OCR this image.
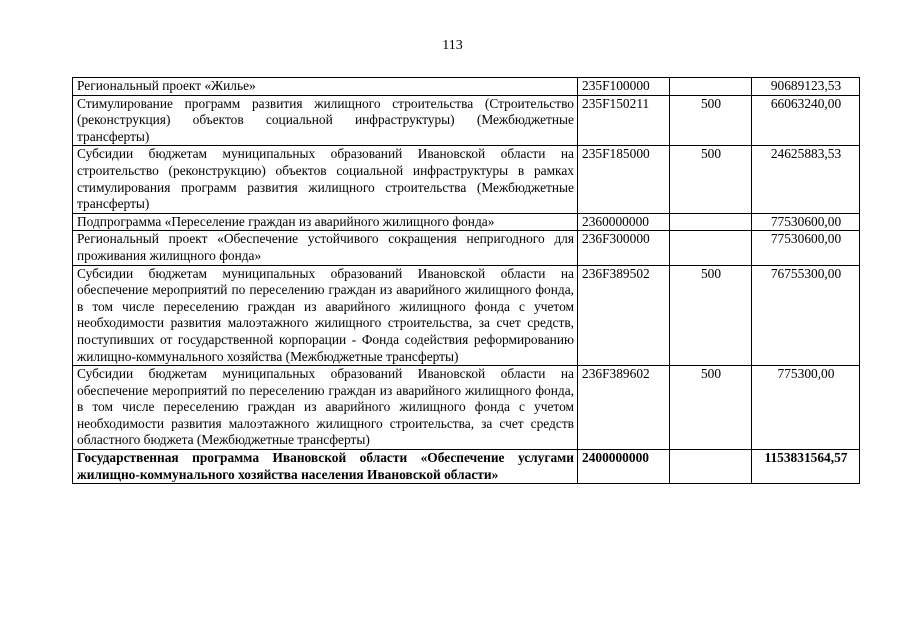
113
Региональный проект «Жилье»	235F100000		90689123,53
Стимулирование программ развития жилищного строительства (Строительство (реконструкция) объектов социальной инфраструктуры) (Межбюджетные трансферты)	235F150211	500	66063240,00
Субсидии бюджетам муниципальных образований Ивановской области на строительство (реконструкцию) объектов социальной инфраструктуры в рамках стимулирования программ развития жилищного строительства (Межбюджетные трансферты)	235F185000	500	24625883,53
Подпрограмма «Переселение граждан из аварийного жилищного фонда»	2360000000		77530600,00
Региональный проект «Обеспечение устойчивого сокращения непригодного для проживания жилищного фонда»	236F300000		77530600,00
Субсидии бюджетам муниципальных образований Ивановской области на обеспечение мероприятий по переселению граждан из аварийного жилищного фонда, в том числе переселению граждан из аварийного жилищного фонда с учетом необходимости развития малоэтажного жилищного строительства, за счет средств, поступивших от государственной корпорации - Фонда содействия реформированию жилищно-коммунального хозяйства (Межбюджетные трансферты)	236F389502	500	76755300,00
Субсидии бюджетам муниципальных образований Ивановской области на обеспечение мероприятий по переселению граждан из аварийного жилищного фонда, в том числе переселению граждан из аварийного жилищного фонда с учетом необходимости развития малоэтажного жилищного строительства, за счет средств областного бюджета (Межбюджетные трансферты)	236F389602	500	775300,00
Государственная программа Ивановской области «Обеспечение услугами жилищно-коммунального хозяйства населения Ивановской области»	2400000000		1153831564,57
